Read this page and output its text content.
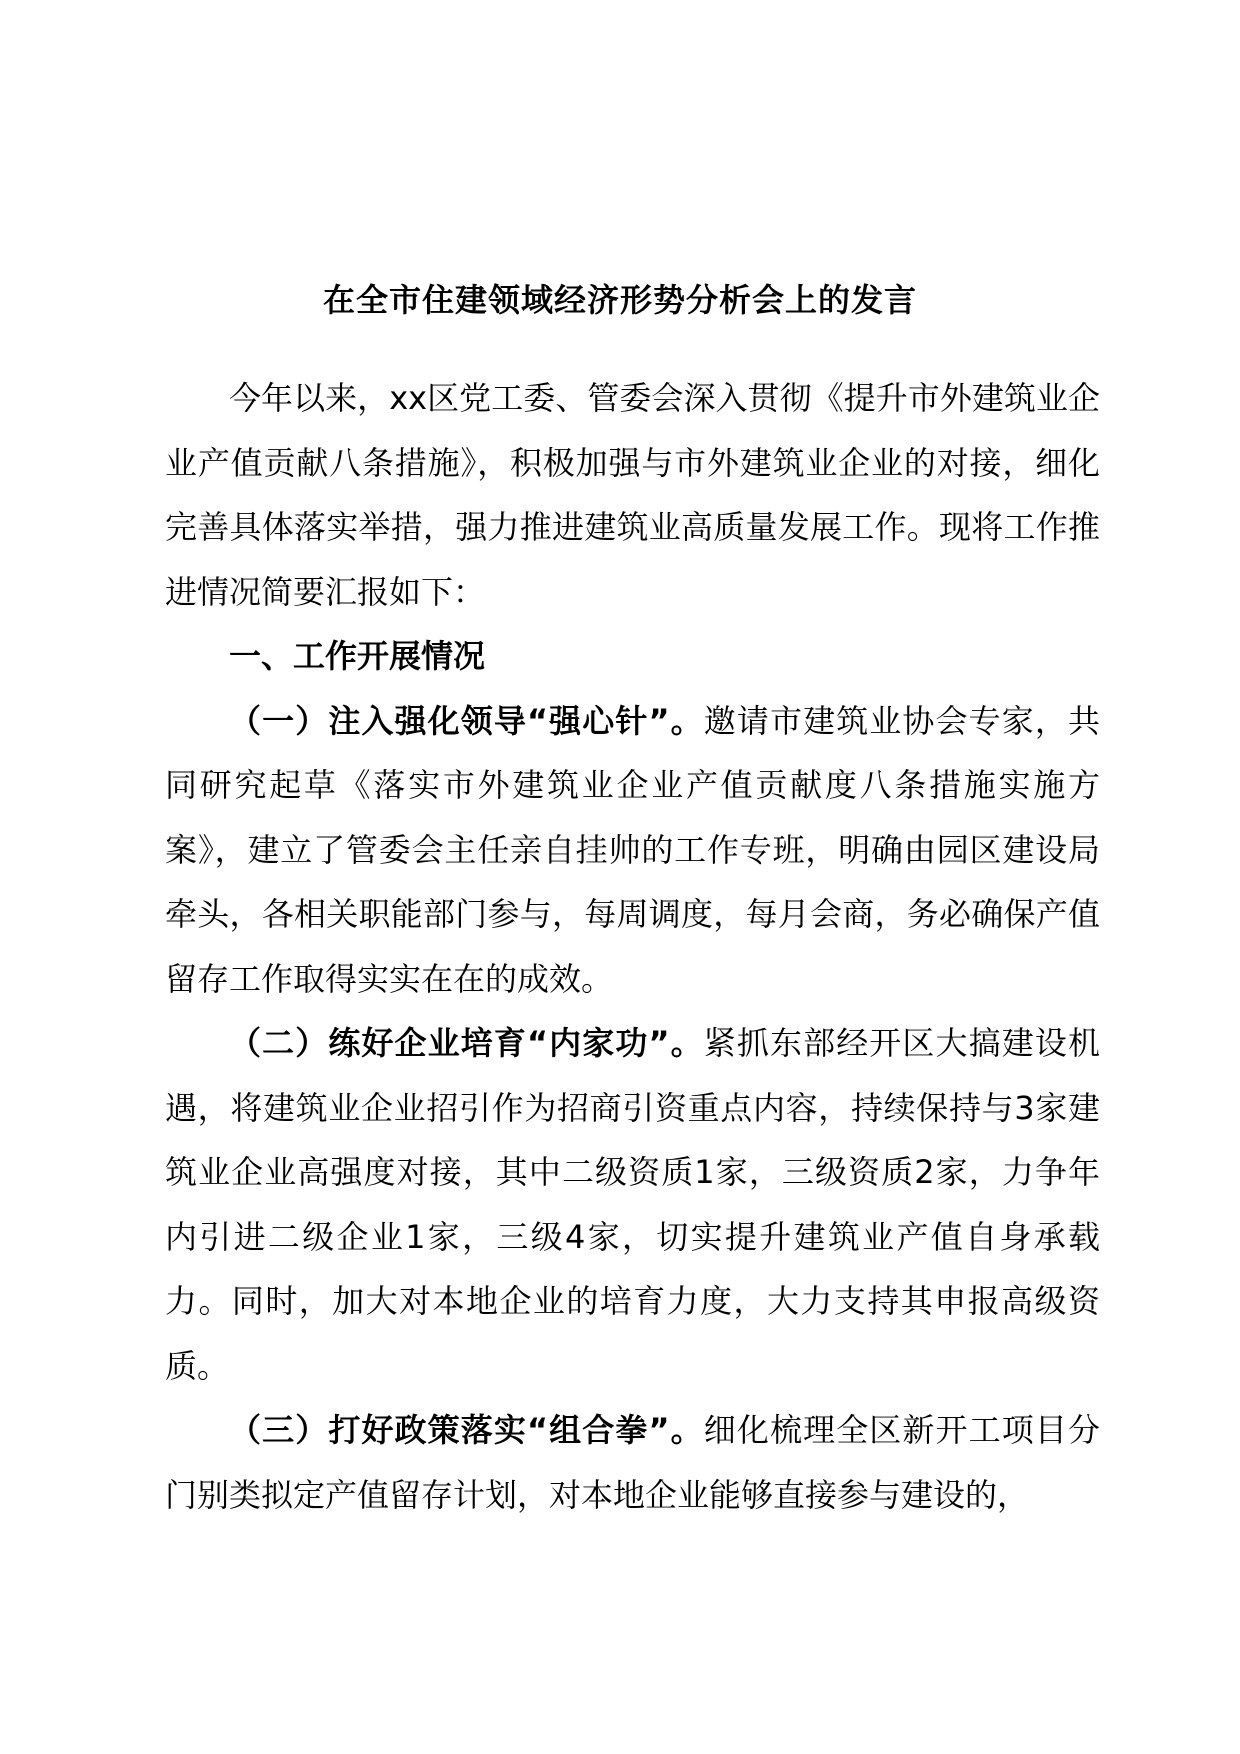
在全市住建领域经济形势分析会上的发言

今年以来，xx区党工委、管委会深入贯彻《提升市外建筑业企业产值贡献八条措施》，积极加强与市外建筑业企业的对接，细化完善具体落实举措，强力推进建筑业高质量发展工作。现将工作推进情况简要汇报如下：

一、工作开展情况

（一）注入强化领导“强心针”。邀请市建筑业协会专家，共同研究起草《落实市外建筑业企业产值贡献度八条措施实施方案》，建立了管委会主任亲自挂帅的工作专班，明确由园区建设局牵头，各相关职能部门参与，每周调度，每月会商，务必确保产值留存工作取得实实在在的成效。

（二）练好企业培育“内家功”。紧抓东部经开区大搞建设机遇，将建筑业企业招引作为招商引资重点内容，持续保持与3家建筑业企业高强度对接，其中二级资质1家，三级资质2家，力争年内引进二级企业1家，三级4家，切实提升建筑业产值自身承载力。同时，加大对本地企业的培育力度，大力支持其申报高级资质。

（三）打好政策落实“组合拳”。细化梳理全区新开工项目分门别类拟定产值留存计划，对本地企业能够直接参与建设的，
